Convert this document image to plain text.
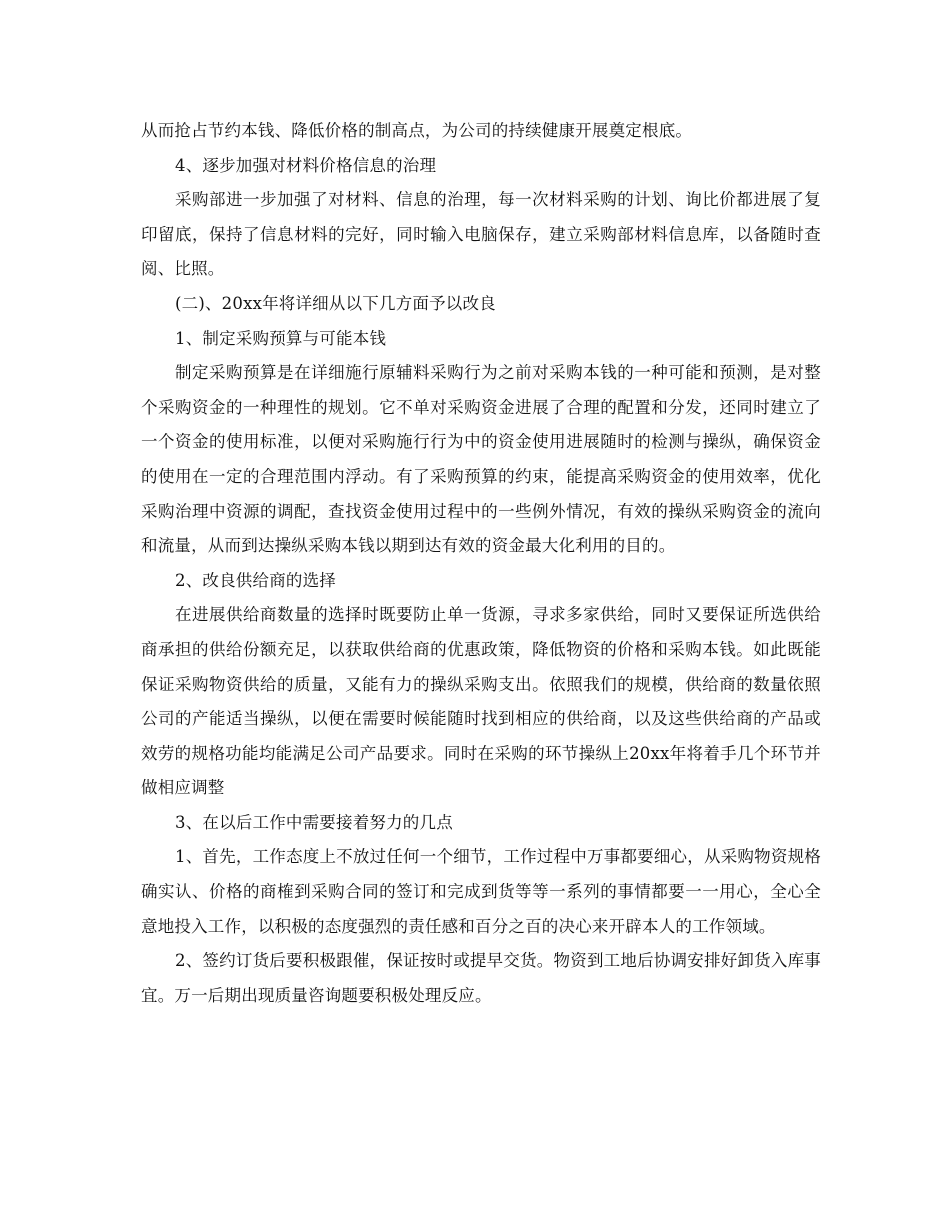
从而抢占节约本钱、降低价格的制高点，为公司的持续健康开展奠定根底。

4、逐步加强对材料价格信息的治理

采购部进一步加强了对材料、信息的治理，每一次材料采购的计划、询比价都进展了复印留底，保持了信息材料的完好，同时输入电脑保存，建立采购部材料信息库，以备随时查阅、比照。

(二)、20xx年将详细从以下几方面予以改良

1、制定采购预算与可能本钱

制定采购预算是在详细施行原辅料采购行为之前对采购本钱的一种可能和预测，是对整个采购资金的一种理性的规划。它不单对采购资金进展了合理的配置和分发，还同时建立了一个资金的使用标准，以便对采购施行行为中的资金使用进展随时的检测与操纵，确保资金的使用在一定的合理范围内浮动。有了采购预算的约束，能提高采购资金的使用效率，优化采购治理中资源的调配，查找资金使用过程中的一些例外情况，有效的操纵采购资金的流向和流量，从而到达操纵采购本钱以期到达有效的资金最大化利用的目的。

2、改良供给商的选择

在进展供给商数量的选择时既要防止单一货源，寻求多家供给，同时又要保证所选供给商承担的供给份额充足，以获取供给商的优惠政策，降低物资的价格和采购本钱。如此既能保证采购物资供给的质量，又能有力的操纵采购支出。依照我们的规模，供给商的数量依照公司的产能适当操纵，以便在需要时候能随时找到相应的供给商，以及这些供给商的产品或效劳的规格功能均能满足公司产品要求。同时在采购的环节操纵上20xx年将着手几个环节并做相应调整

3、在以后工作中需要接着努力的几点

1、首先，工作态度上不放过任何一个细节，工作过程中万事都要细心，从采购物资规格确实认、价格的商榷到采购合同的签订和完成到货等等一系列的事情都要一一用心，全心全意地投入工作，以积极的态度强烈的责任感和百分之百的决心来开辟本人的工作领域。

2、签约订货后要积极跟催，保证按时或提早交货。物资到工地后协调安排好卸货入库事宜。万一后期出现质量咨询题要积极处理反应。
